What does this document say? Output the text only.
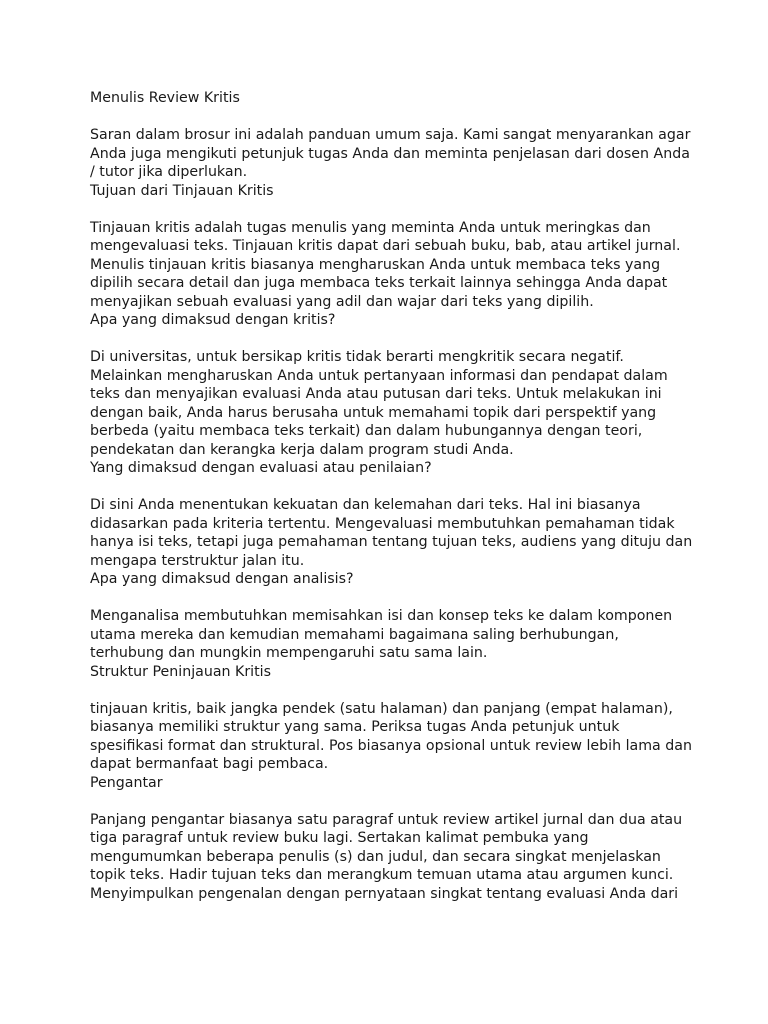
Menulis Review Kritis
Saran dalam brosur ini adalah panduan umum saja. Kami sangat menyarankan agar
Anda juga mengikuti petunjuk tugas Anda dan meminta penjelasan dari dosen Anda
/ tutor jika diperlukan.
Tujuan dari Tinjauan Kritis
Tinjauan kritis adalah tugas menulis yang meminta Anda untuk meringkas dan
mengevaluasi teks. Tinjauan kritis dapat dari sebuah buku, bab, atau artikel jurnal.
Menulis tinjauan kritis biasanya mengharuskan Anda untuk membaca teks yang
dipilih secara detail dan juga membaca teks terkait lainnya sehingga Anda dapat
menyajikan sebuah evaluasi yang adil dan wajar dari teks yang dipilih.
Apa yang dimaksud dengan kritis?
Di universitas, untuk bersikap kritis tidak berarti mengkritik secara negatif.
Melainkan mengharuskan Anda untuk pertanyaan informasi dan pendapat dalam
teks dan menyajikan evaluasi Anda atau putusan dari teks. Untuk melakukan ini
dengan baik, Anda harus berusaha untuk memahami topik dari perspektif yang
berbeda (yaitu membaca teks terkait) dan dalam hubungannya dengan teori,
pendekatan dan kerangka kerja dalam program studi Anda.
Yang dimaksud dengan evaluasi atau penilaian?
Di sini Anda menentukan kekuatan dan kelemahan dari teks. Hal ini biasanya
didasarkan pada kriteria tertentu. Mengevaluasi membutuhkan pemahaman tidak
hanya isi teks, tetapi juga pemahaman tentang tujuan teks, audiens yang dituju dan
mengapa terstruktur jalan itu.
Apa yang dimaksud dengan analisis?
Menganalisa membutuhkan memisahkan isi dan konsep teks ke dalam komponen
utama mereka dan kemudian memahami bagaimana saling berhubungan,
terhubung dan mungkin mempengaruhi satu sama lain.
Struktur Peninjauan Kritis
tinjauan kritis, baik jangka pendek (satu halaman) dan panjang (empat halaman),
biasanya memiliki struktur yang sama. Periksa tugas Anda petunjuk untuk
spesifikasi format dan struktural. Pos biasanya opsional untuk review lebih lama dan
dapat bermanfaat bagi pembaca.
Pengantar
Panjang pengantar biasanya satu paragraf untuk review artikel jurnal dan dua atau
tiga paragraf untuk review buku lagi. Sertakan kalimat pembuka yang
mengumumkan beberapa penulis (s) dan judul, dan secara singkat menjelaskan
topik teks. Hadir tujuan teks dan merangkum temuan utama atau argumen kunci.
Menyimpulkan pengenalan dengan pernyataan singkat tentang evaluasi Anda dari
